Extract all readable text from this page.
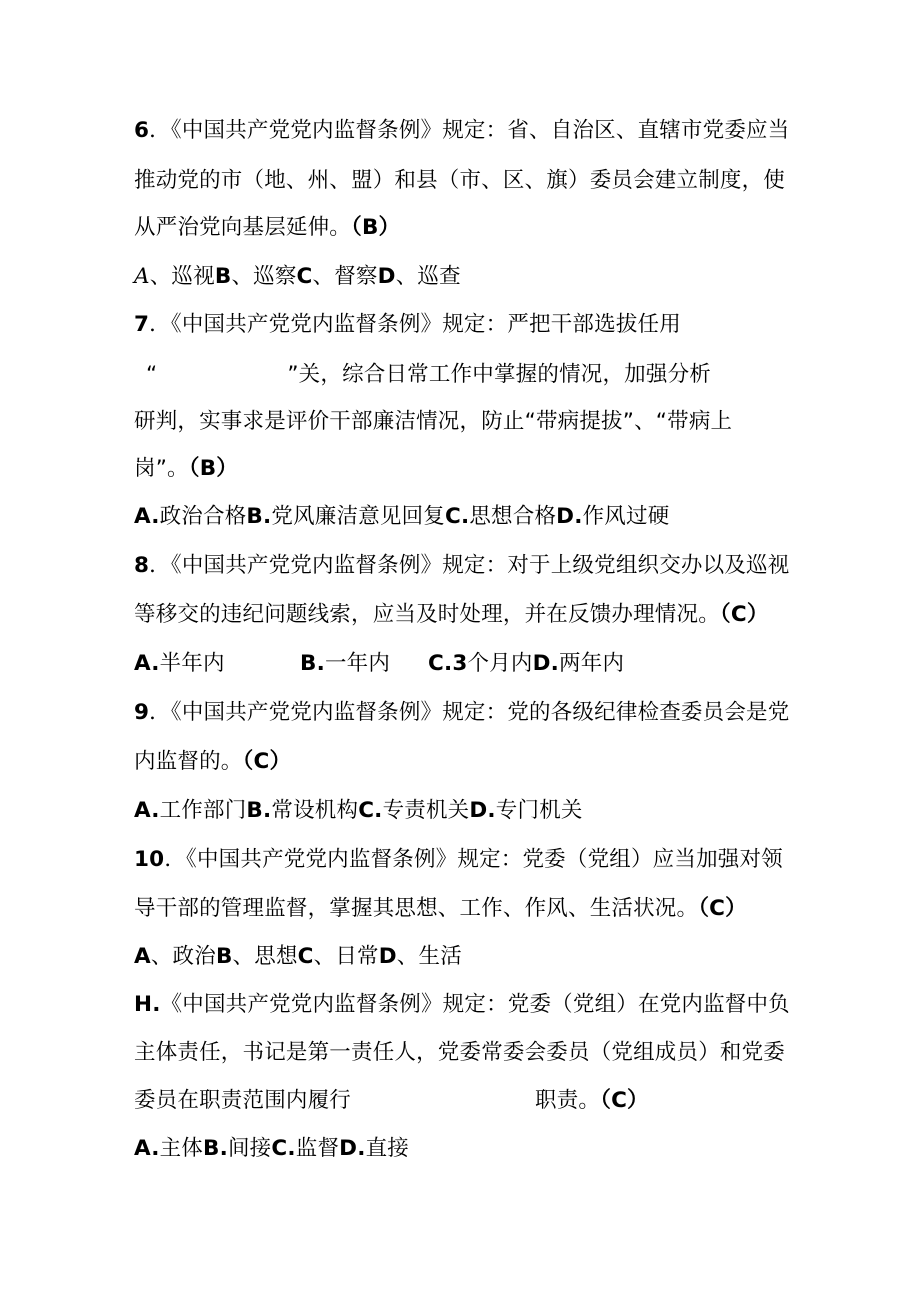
6．《中国共产党党内监督条例》规定：省、自治区、直辖市党委应当
推动党的市（地、州、盟）和县（市、区、旗）委员会建立制度，使
从严治党向基层延伸。（B）
A、巡视B、巡察C、督察D、巡查
7．《中国共产党党内监督条例》规定：严把干部选拔任用
“	”关，综合日常工作中掌握的情况，加强分析
研判，实事求是评价干部廉洁情况，防止“带病提拔”、“带病上
岗”。（B）
A.政治合格B.党风廉洁意见回复C.思想合格D.作风过硬
8．《中国共产党党内监督条例》规定：对于上级党组织交办以及巡视
等移交的违纪问题线索，应当及时处理，并在反馈办理情况。（C）
A.半年内	B.一年内 C.3个月内D.两年内
9．《中国共产党党内监督条例》规定：党的各级纪律检查委员会是党
内监督的。（C）
A.工作部门B.常设机构C.专责机关D.专门机关
10．《中国共产党党内监督条例》规定：党委（党组）应当加强对领
导干部的管理监督，掌握其思想、工作、作风、生活状况。（C）
A、政治B、思想C、日常D、生活
H.《中国共产党党内监督条例》规定：党委（党组）在党内监督中负
主体责任，书记是第一责任人，党委常委会委员（党组成员）和党委
委员在职责范围内履行	职责。（C）
A.主体B.间接C.监督D.直接
